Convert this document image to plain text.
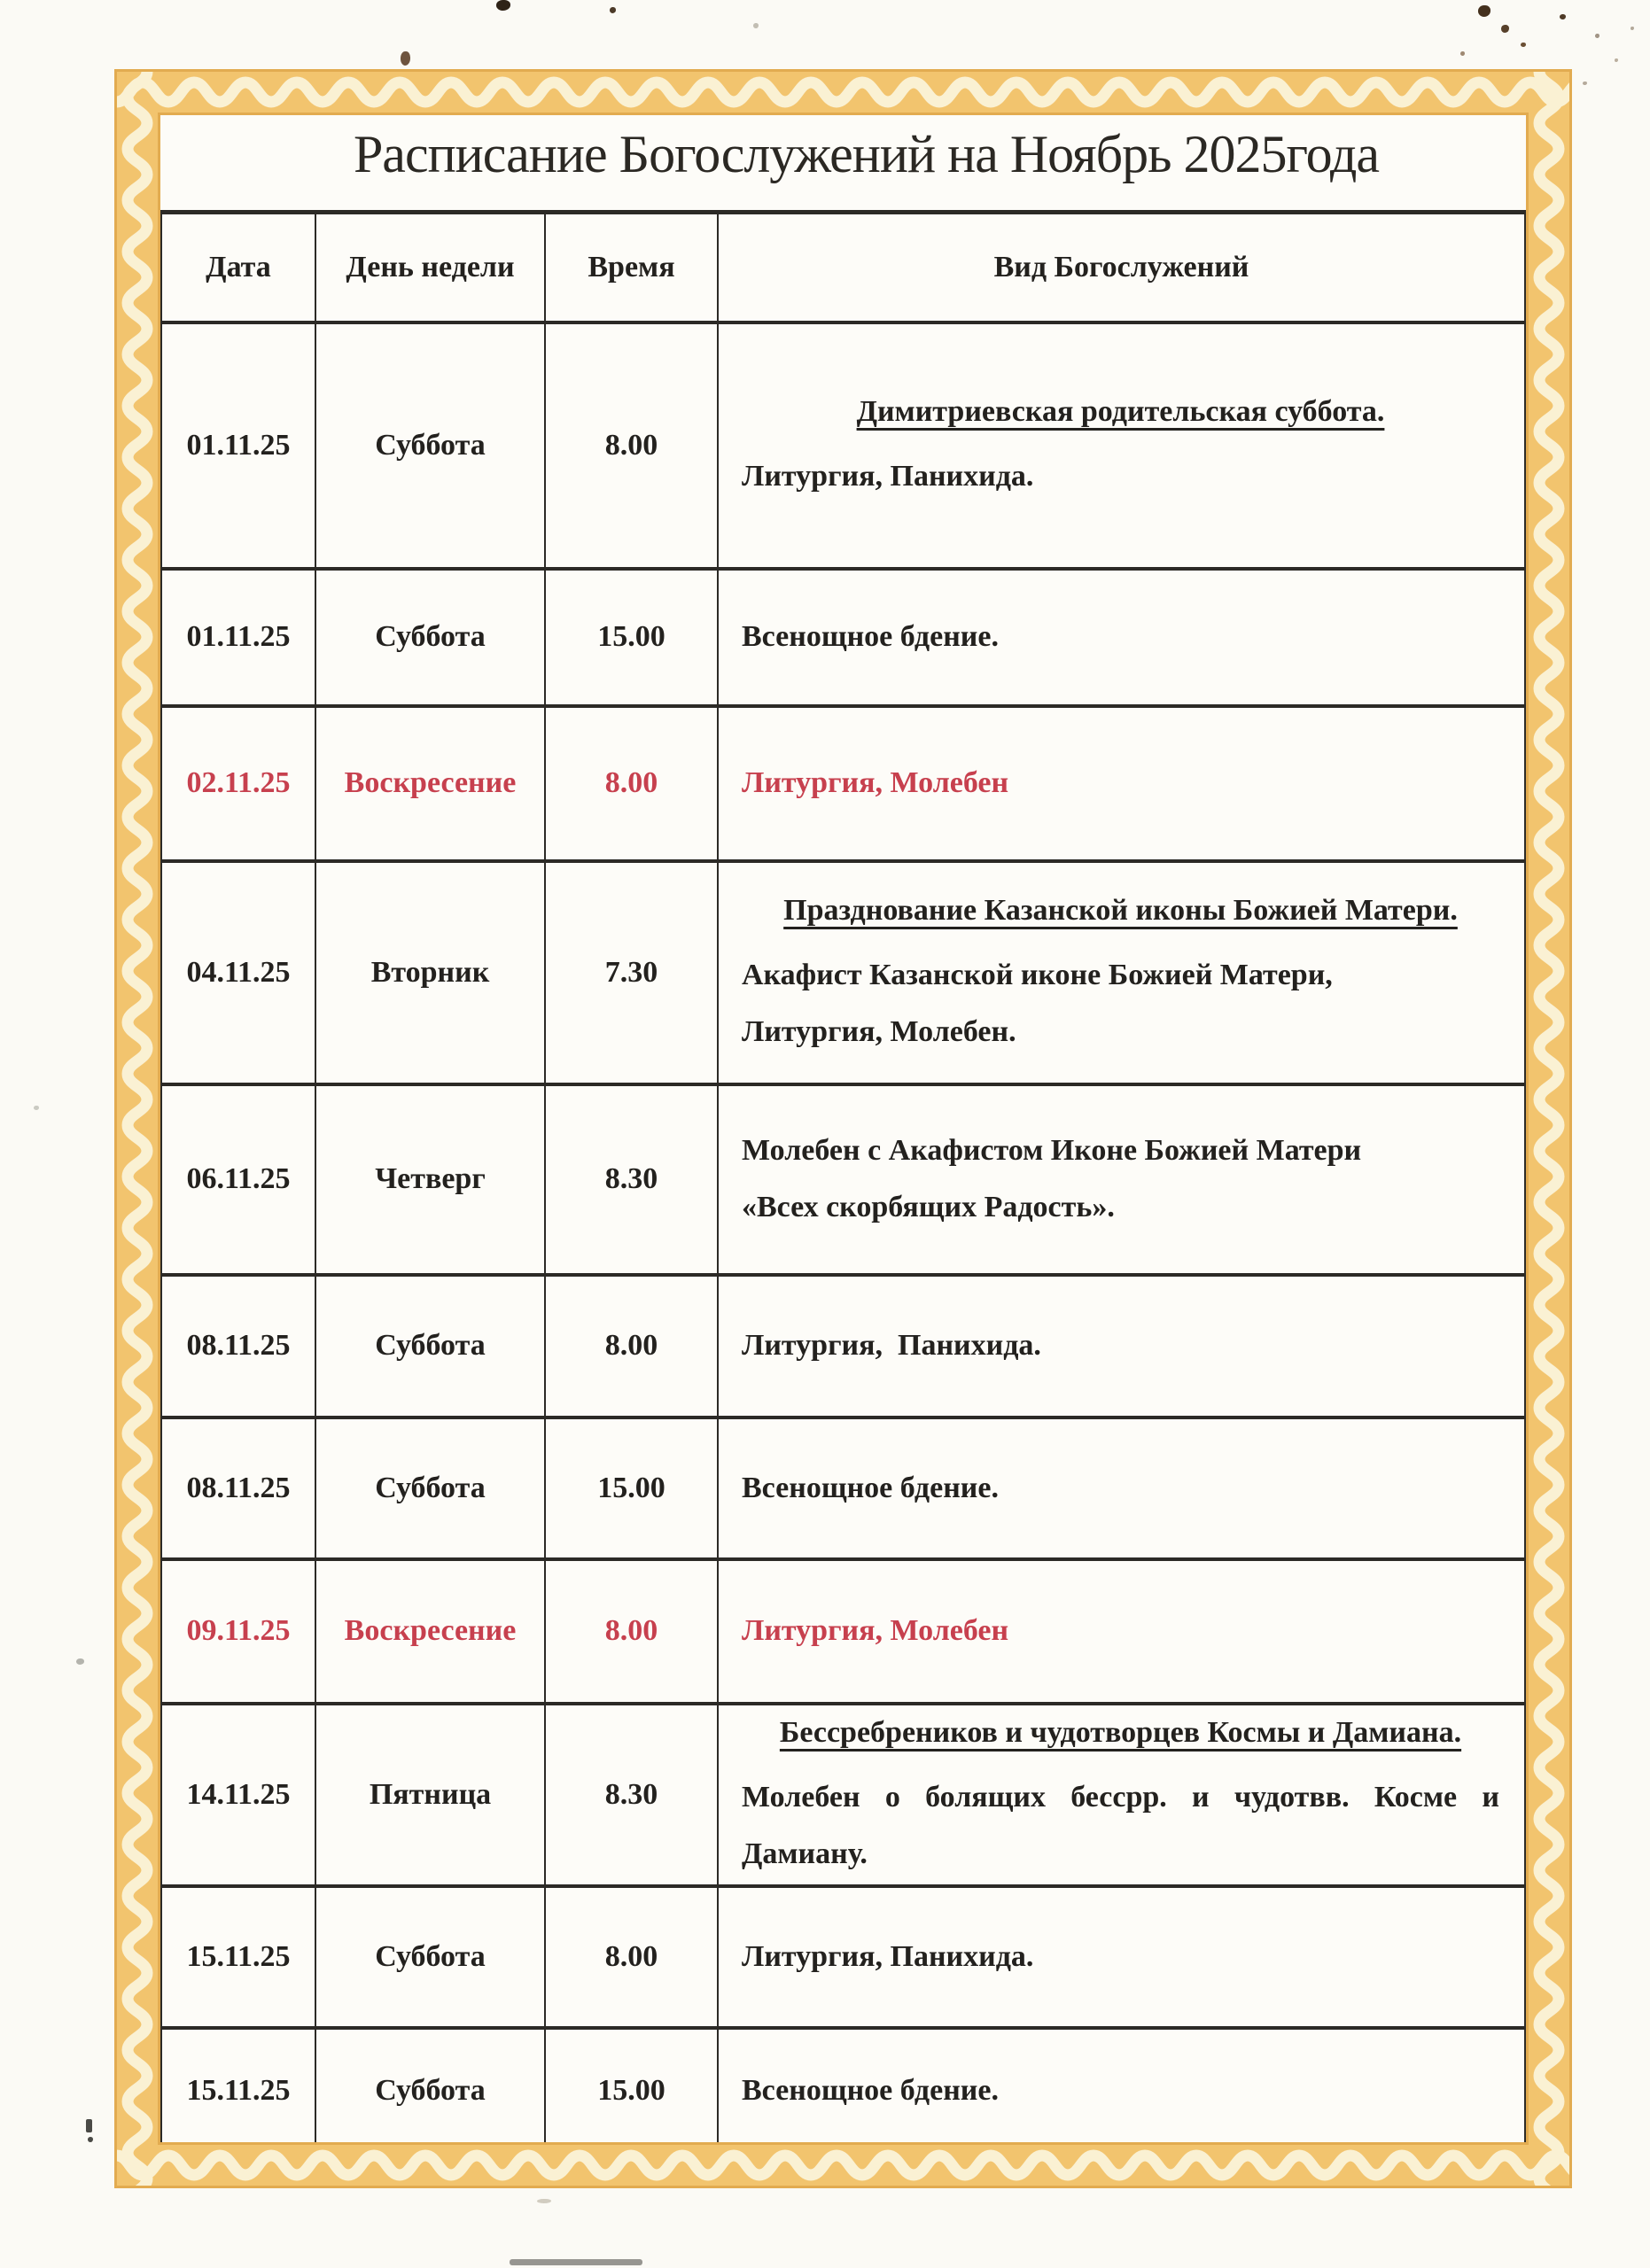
Расписание Богослужений на Ноябрь 2025года
Дата	День недели	Время	Вид Богослужений
01.11.25	Суббота	8.00	Димитриевская родительская суббота.
Литургия, Панихида.

01.11.25	Суббота	15.00	Всенощное бдение.

02.11.25	Воскресение	8.00	Литургия, Молебен

04.11.25	Вторник	7.30	Празднование Казанской иконы Божией Матери.
Акафист Казанской иконе Божией Матери,
Литургия, Молебен.

06.11.25	Четверг	8.30	Молебен с Акафистом Иконе Божией Матери
«Всех скорбящих Радость».

08.11.25	Суббота	8.00	Литургия,  Панихида.

08.11.25	Суббота	15.00	Всенощное бдение.

09.11.25	Воскресение	8.00	Литургия, Молебен

14.11.25	Пятница	8.30	Бессребреников и чудотворцев Космы и Дамиана.
Молебен о болящих бессрр. и чудотвв. Косме и Дамиану.

15.11.25	Суббота	8.00	Литургия, Панихида.

15.11.25	Суббота	15.00	Всенощное бдение.
